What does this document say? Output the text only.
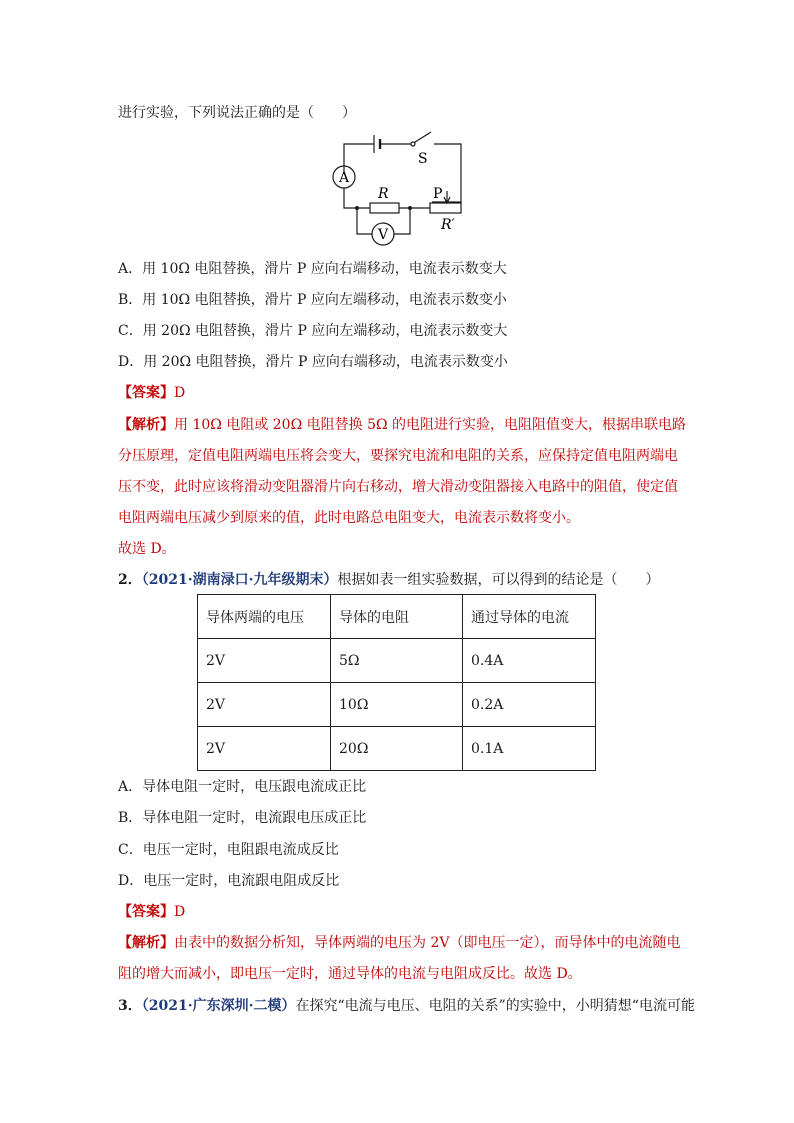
进行实验，下列说法正确的是（　　）
A
V
S
R	P
R′
A．用 10Ω 电阻替换，滑片 P 应向右端移动，电流表示数变大
B．用 10Ω 电阻替换，滑片 P 应向左端移动，电流表示数变小
C．用 20Ω 电阻替换，滑片 P 应向左端移动，电流表示数变大
D．用 20Ω 电阻替换，滑片 P 应向右端移动，电流表示数变小
【答案】D
【解析】用 10Ω 电阻或 20Ω 电阻替换 5Ω 的电阻进行实验，电阻阻值变大，根据串联电路
分压原理，定值电阻两端电压将会变大，要探究电流和电阻的关系，应保持定值电阻两端电
压不变，此时应该将滑动变阻器滑片向右移动，增大滑动变阻器接入电路中的阻值，使定值
电阻两端电压减少到原来的值，此时电路总电阻变大，电流表示数将变小。
故选 D。
2．（2021·湖南渌口·九年级期末）根据如表一组实验数据，可以得到的结论是（　　）
导体两端的电压	导体的电阻	通过导体的电流
2V	5Ω	0.4A
2V	10Ω	0.2A
2V	20Ω	0.1A
A．导体电阻一定时，电压跟电流成正比
B．导体电阻一定时，电流跟电压成正比
C．电压一定时，电阻跟电流成反比
D．电压一定时，电流跟电阻成反比
【答案】D
【解析】由表中的数据分析知，导体两端的电压为 2V（即电压一定），而导体中的电流随电
阻的增大而减小，即电压一定时，通过导体的电流与电阻成反比。故选 D。
3．（2021·广东深圳·二模）在探究“电流与电压、电阻的关系”的实验中，小明猜想“电流可能
